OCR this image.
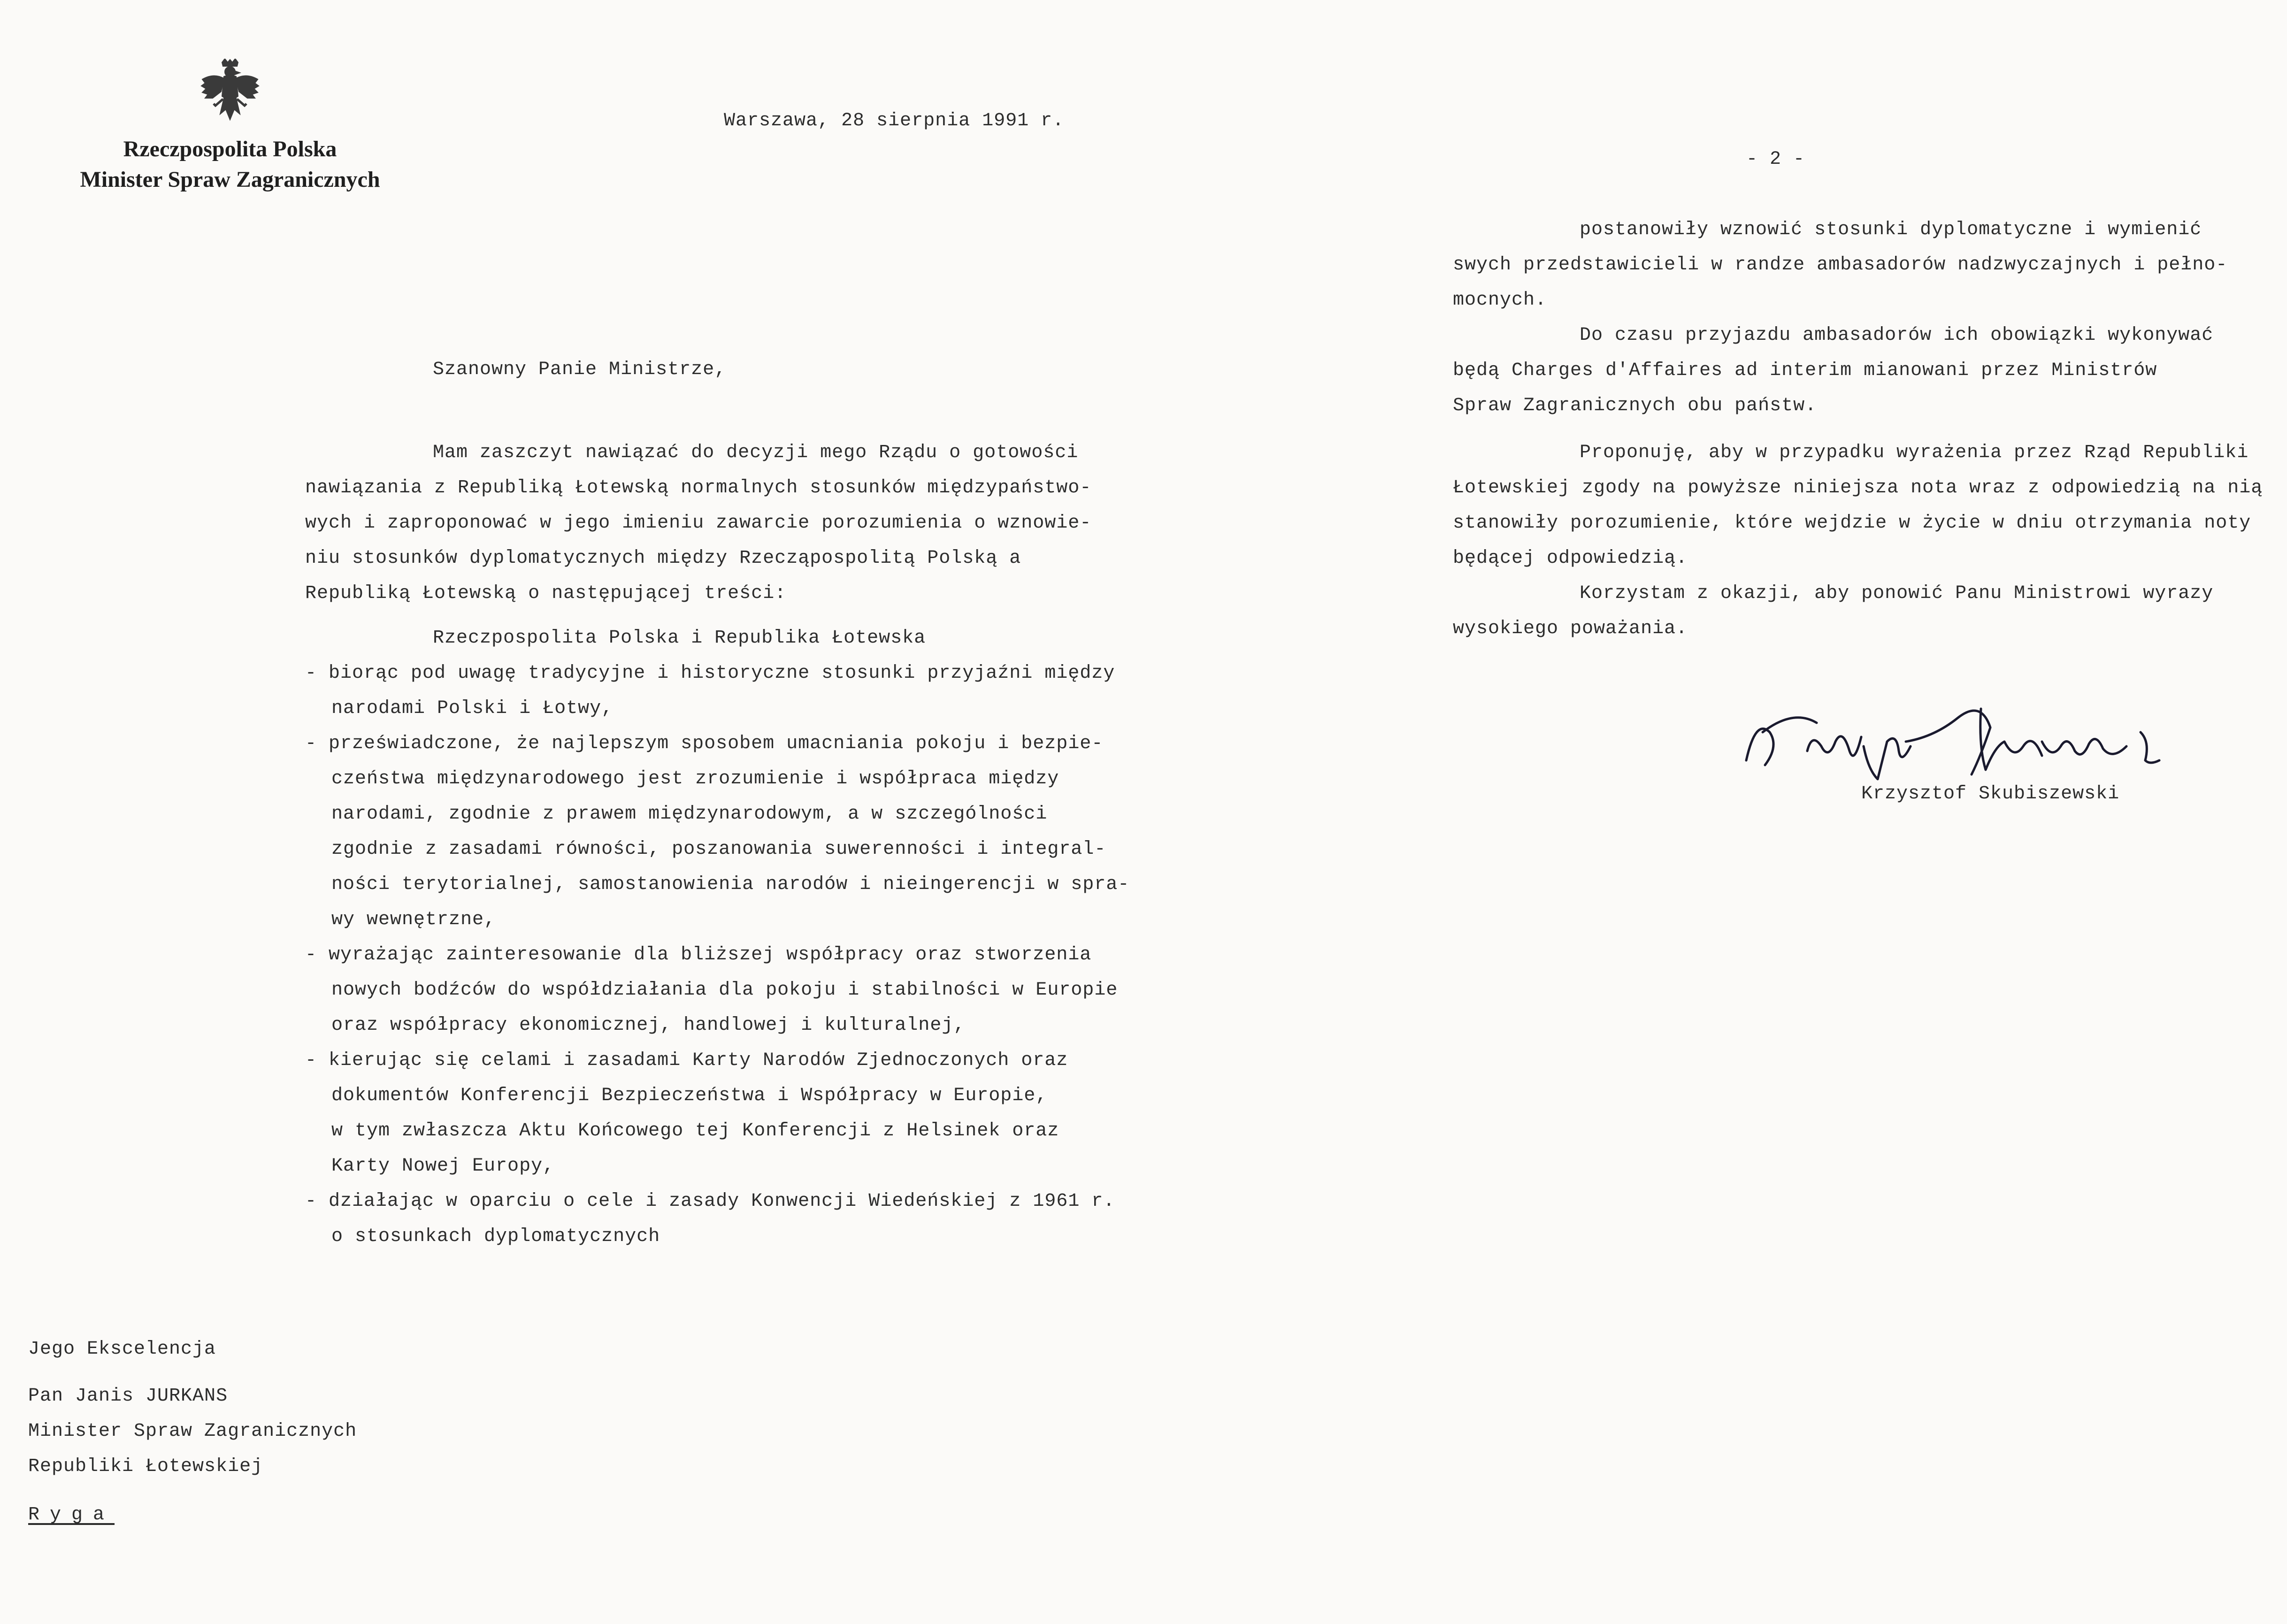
Rzeczpospolita Polska
Minister Spraw Zagranicznych
Warszawa, 28 sierpnia 1991 r.
Szanowny Panie Ministrze,
Mam zaszczyt nawiązać do decyzji mego Rządu o gotowości
nawiązania z Republiką Łotewską normalnych stosunków międzypaństwo-
wych i zaproponować w jego imieniu zawarcie porozumienia o wznowie-
niu stosunków dyplomatycznych między Rzecząpospolitą Polską a
Republiką Łotewską o następującej treści:
Rzeczpospolita Polska i Republika Łotewska
- biorąc pod uwagę tradycyjne i historyczne stosunki przyjaźni między
narodami Polski i Łotwy,
- przeświadczone, że najlepszym sposobem umacniania pokoju i bezpie-
czeństwa międzynarodowego jest zrozumienie i współpraca między
narodami, zgodnie z prawem międzynarodowym, a w szczególności
zgodnie z zasadami równości, poszanowania suwerenności i integral-
ności terytorialnej, samostanowienia narodów i nieingerencji w spra-
wy wewnętrzne,
- wyrażając zainteresowanie dla bliższej współpracy oraz stworzenia
nowych bodźców do współdziałania dla pokoju i stabilności w Europie
oraz współpracy ekonomicznej, handlowej i kulturalnej,
- kierując się celami i zasadami Karty Narodów Zjednoczonych oraz
dokumentów Konferencji Bezpieczeństwa i Współpracy w Europie,
w tym zwłaszcza Aktu Końcowego tej Konferencji z Helsinek oraz
Karty Nowej Europy,
- działając w oparciu o cele i zasady Konwencji Wiedeńskiej z 1961 r.
o stosunkach dyplomatycznych
Jego Ekscelencja
Pan Janis JURKANS
Minister Spraw Zagranicznych
Republiki Łotewskiej
Ryga
- 2 -
postanowiły wznowić stosunki dyplomatyczne i wymienić
swych przedstawicieli w randze ambasadorów nadzwyczajnych i pełno-
mocnych.
Do czasu przyjazdu ambasadorów ich obowiązki wykonywać
będą Charges d'Affaires ad interim mianowani przez Ministrów
Spraw Zagranicznych obu państw.
Proponuję, aby w przypadku wyrażenia przez Rząd Republiki
Łotewskiej zgody na powyższe niniejsza nota wraz z odpowiedzią na nią
stanowiły porozumienie, które wejdzie w życie w dniu otrzymania noty
będącej odpowiedzią.
Korzystam z okazji, aby ponowić Panu Ministrowi wyrazy
wysokiego poważania.
Krzysztof Skubiszewski
